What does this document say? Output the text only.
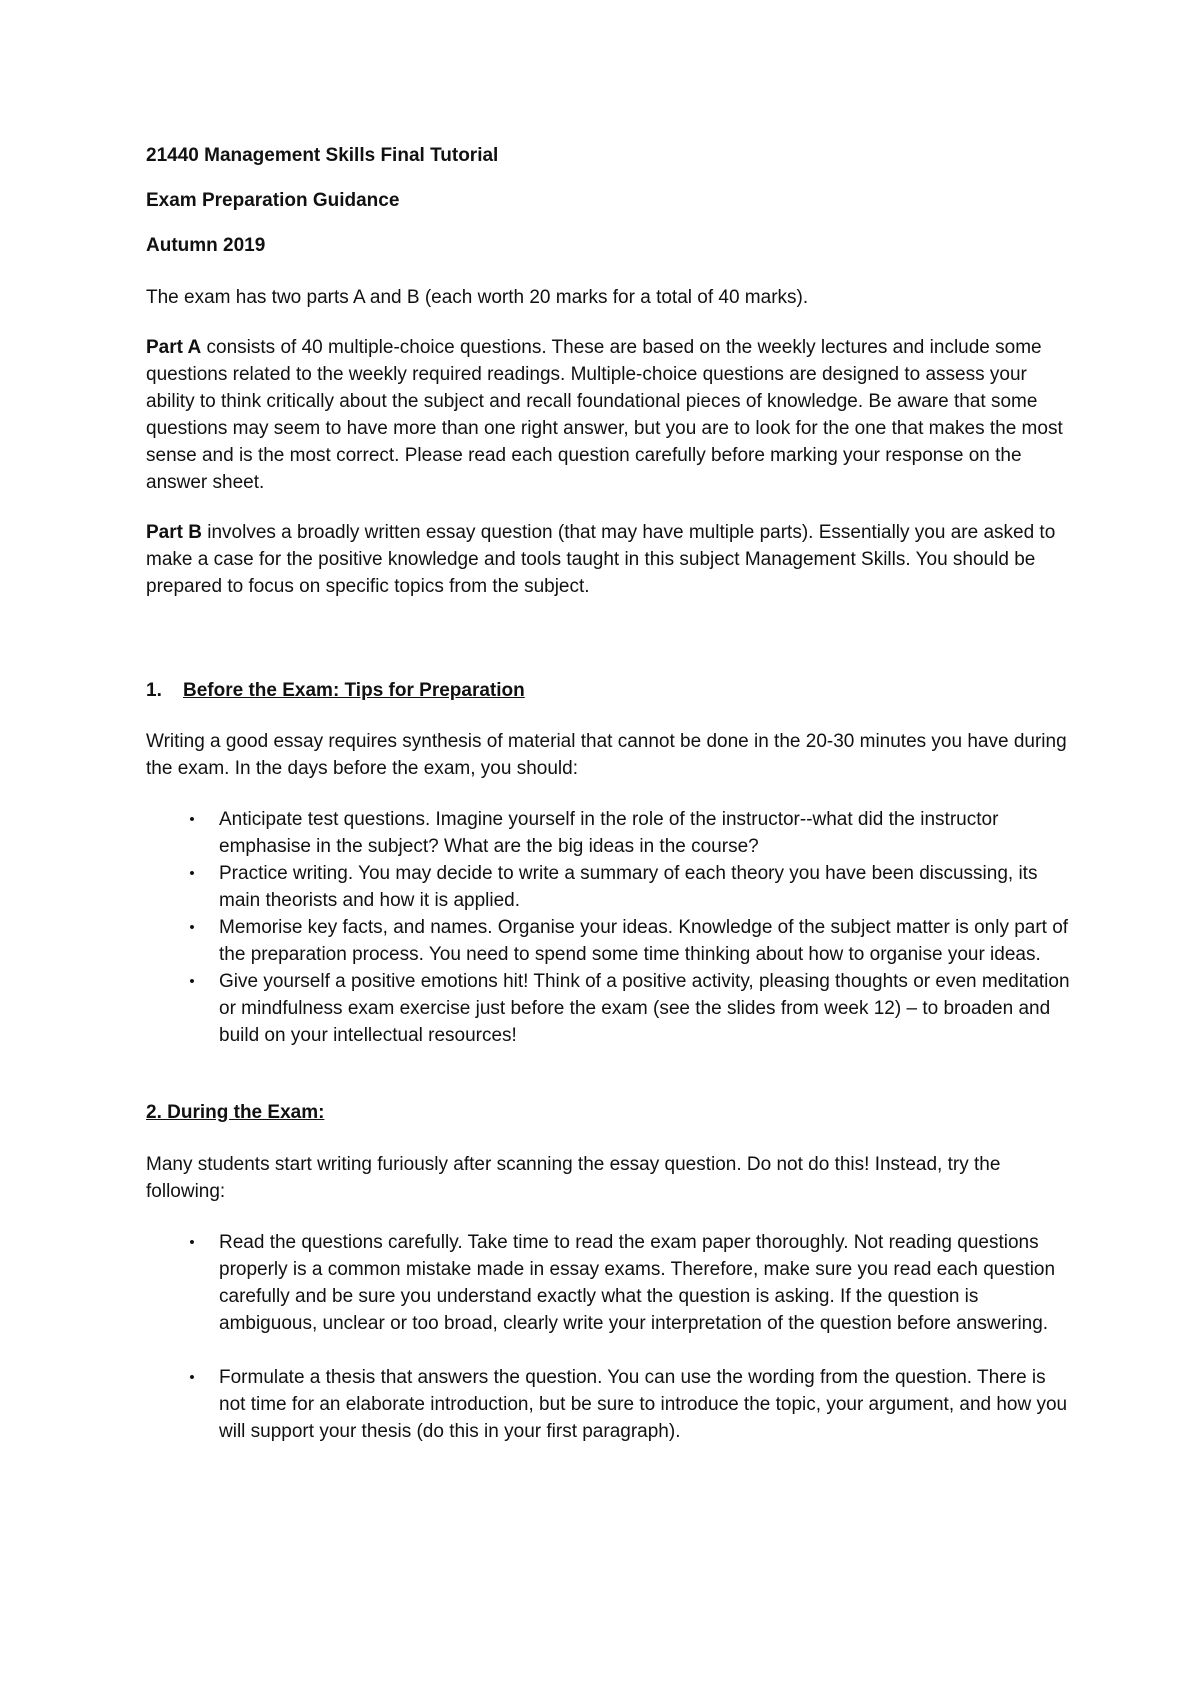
21440 Management Skills Final Tutorial

Exam Preparation Guidance

Autumn 2019

The exam has two parts A and B (each worth 20 marks for a total of 40 marks).

Part A consists of 40 multiple-choice questions. These are based on the weekly lectures and include some questions related to the weekly required readings. Multiple-choice questions are designed to assess your ability to think critically about the subject and recall foundational pieces of knowledge. Be aware that some questions may seem to have more than one right answer, but you are to look for the one that makes the most sense and is the most correct. Please read each question carefully before marking your response on the answer sheet.

Part B involves a broadly written essay question (that may have multiple parts). Essentially you are asked to make a case for the positive knowledge and tools taught in this subject Management Skills. You should be prepared to focus on specific topics from the subject.

1.	Before the Exam: Tips for Preparation

Writing a good essay requires synthesis of material that cannot be done in the 20-30 minutes you have during the exam. In the days before the exam, you should:

•	Anticipate test questions. Imagine yourself in the role of the instructor--what did the instructor emphasise in the subject? What are the big ideas in the course?
•	Practice writing. You may decide to write a summary of each theory you have been discussing, its main theorists and how it is applied.
•	Memorise key facts, and names. Organise your ideas. Knowledge of the subject matter is only part of the preparation process. You need to spend some time thinking about how to organise your ideas.
•	Give yourself a positive emotions hit! Think of a positive activity, pleasing thoughts or even meditation or mindfulness exam exercise just before the exam (see the slides from week 12) – to broaden and build on your intellectual resources!
2. During the Exam:

Many students start writing furiously after scanning the essay question. Do not do this! Instead, try the following:

•	Read the questions carefully. Take time to read the exam paper thoroughly. Not reading questions properly is a common mistake made in essay exams. Therefore, make sure you read each question carefully and be sure you understand exactly what the question is asking. If the question is ambiguous, unclear or too broad, clearly write your interpretation of the question before answering.
•	Formulate a thesis that answers the question. You can use the wording from the question. There is not time for an elaborate introduction, but be sure to introduce the topic, your argument, and how you will support your thesis (do this in your first paragraph).
